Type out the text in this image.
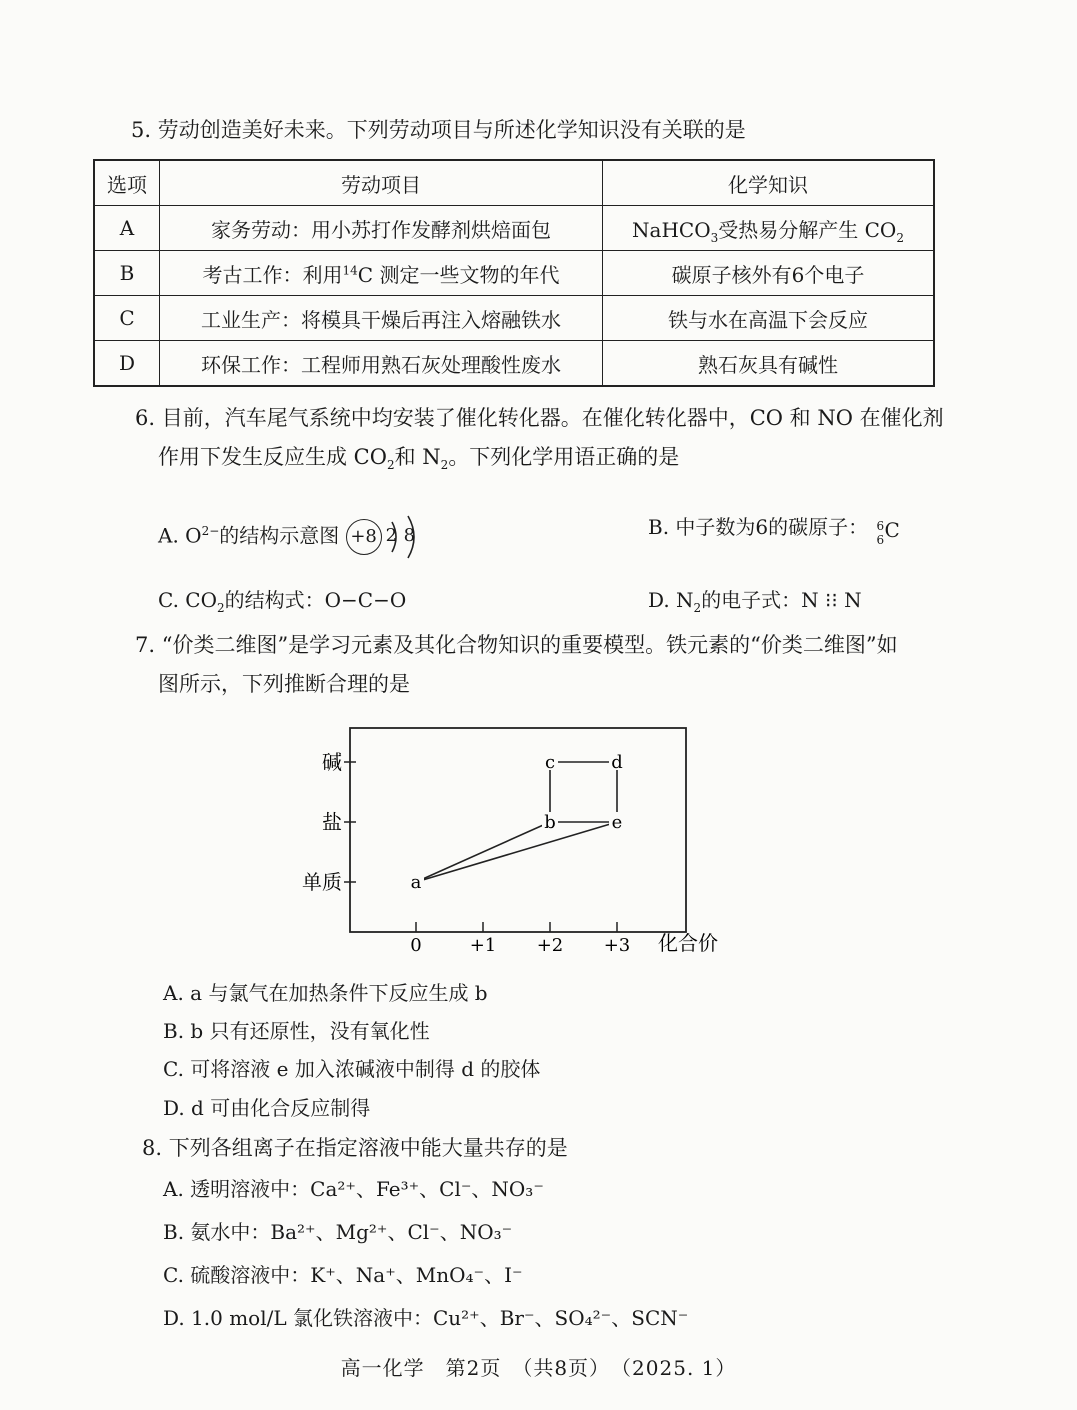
5. 劳动创造美好未来。下列劳动项目与所述化学知识没有关联的是
选项	劳动项目	化学知识
A	家务劳动：用小苏打作发酵剂烘焙面包	NaHCO$_3$受热易分解产生 $CO_2$
B	考古工作：利用$^{14}$C 测定一些文物的年代	碳原子核外有6个电子
C	工业生产：将模具干燥后再注入熔融铁水	铁与水在高温下会反应
D	环保工作：工程师用熟石灰处理酸性废水	熟石灰具有碱性
6. 目前，汽车尾气系统中均安装了催化转化器。在催化转化器中，CO 和 NO 在催化剂
作用下发生反应生成 $CO_2$和 $N_2$。下列化学用语正确的是
A. $O^{2-}$的结构示意图 +8 2 8	B. 中子数为6的碳原子： 6
6 C
C. $CO_2$的结构式：O−C−O	D. $N_2$的电子式：N ⁝⁝ N
7. “价类二维图”是学习元素及其化合物知识的重要模型。铁元素的“价类二维图”如
图所示，下列推断合理的是
单质
盐
碱
0	+1 +2 +3
a
b
c	d
e
化合价
A. a 与氯气在加热条件下反应生成 b
B. b 只有还原性，没有氧化性
C. 可将溶液 e 加入浓碱液中制得 d 的胶体
D. d 可由化合反应制得
8. 下列各组离子在指定溶液中能大量共存的是
A. 透明溶液中：Ca²⁺、Fe³⁺、Cl⁻、NO₃⁻
B. 氨水中：Ba²⁺、Mg²⁺、Cl⁻、NO₃⁻
C. 硫酸溶液中：K⁺、Na⁺、MnO₄⁻、I⁻
D. 1.0 mol/L 氯化铁溶液中：Cu²⁺、Br⁻、SO₄²⁻、SCN⁻
高一化学　第2页　（共8页）　（2025. 1）
